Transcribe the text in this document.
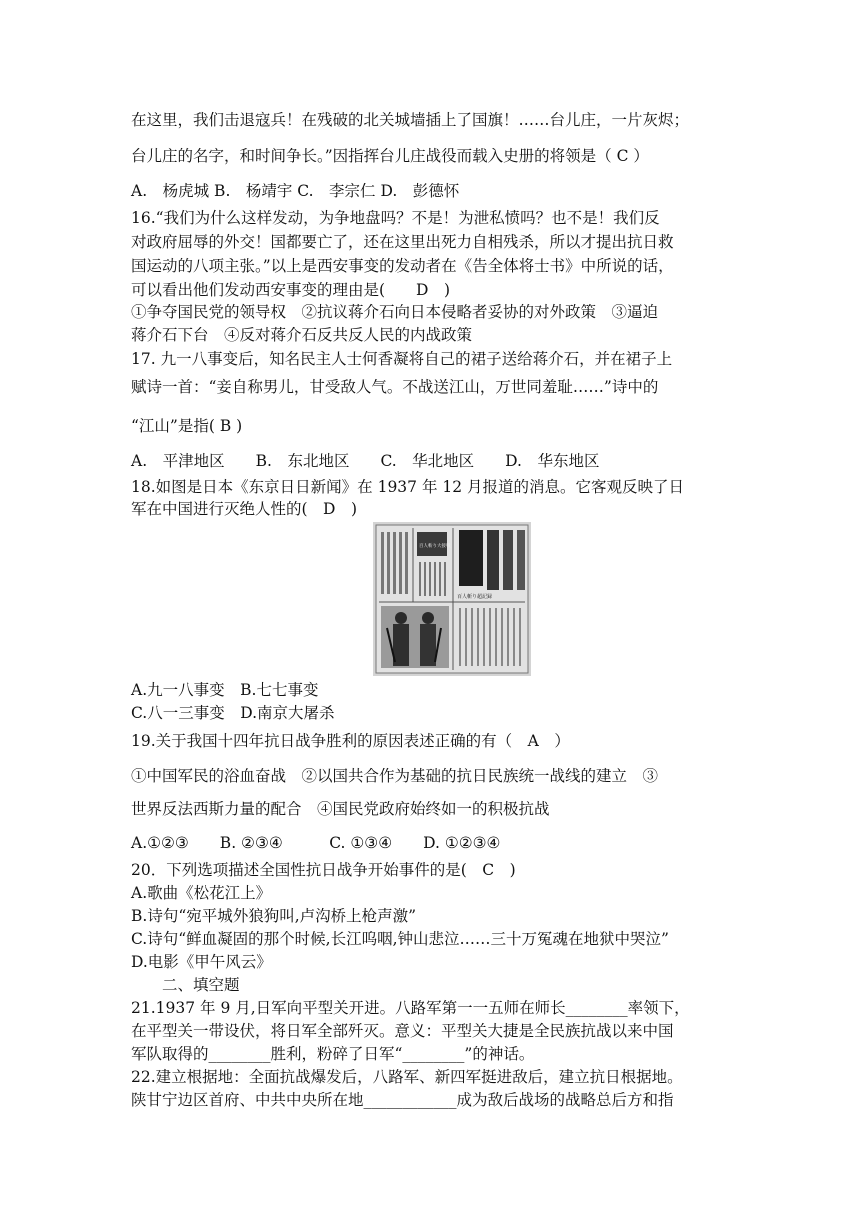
在这里，我们击退寇兵！在残破的北关城墙插上了国旗！……台儿庄，一片灰烬；
台儿庄的名字，和时间争长。”因指挥台儿庄战役而载入史册的将领是（ C ）
A.　杨虎城 B.　杨靖宇 C.　李宗仁 D.　彭德怀
16.“我们为什么这样发动，为争地盘吗？不是！为泄私愤吗？也不是！我们反
对政府屈辱的外交！国都要亡了，还在这里出死力自相残杀，所以才提出抗日救
国运动的八项主张。”以上是西安事变的发动者在《告全体将士书》中所说的话，
可以看出他们发动西安事变的理由是(　　D　)
①争夺国民党的领导权　②抗议蒋介石向日本侵略者妥协的对外政策　③逼迫
蒋介石下台　④反对蒋介石反共反人民的内战政策
17. 九一八事变后，知名民主人士何香凝将自己的裙子送给蒋介石，并在裙子上
赋诗一首：“妾自称男儿，甘受敌人气。不战送江山，万世同羞耻……”诗中的
“江山”是指( B )
A.　平津地区　　B.　东北地区　　C.　华北地区　　D.　华东地区
18.如图是日本《东京日日新闻》在 1937 年 12 月报道的消息。它客观反映了日
军在中国进行灭绝人性的(　D　)
百人斬り大接戦
百人斬り超記録
A.九一八事变　B.七七事变
C.八一三事变　D.南京大屠杀
19.关于我国十四年抗日战争胜利的原因表述正确的有（　A　）
①中国军民的浴血奋战　②以国共合作为基础的抗日民族统一战线的建立　③
世界反法西斯力量的配合　④国民党政府始终如一的积极抗战
A.①②③　　B. ②③④　　　C. ①③④　　D. ①②③④
20．下列选项描述全国性抗日战争开始事件的是(　C　)
A.歌曲《松花江上》
B.诗句“宛平城外狼狗叫,卢沟桥上枪声激”
C.诗句“鲜血凝固的那个时候,长江呜咽,钟山悲泣……三十万冤魂在地狱中哭泣”
D.电影《甲午风云》
　　二、填空题
21.1937 年 9 月,日军向平型关开进。八路军第一一五师在师长________率领下，
在平型关一带设伏，将日军全部歼灭。意义：平型关大捷是全民族抗战以来中国
军队取得的________胜利，粉碎了日军“________”的神话。
22.建立根据地：全面抗战爆发后，八路军、新四军挺进敌后，建立抗日根据地。
陕甘宁边区首府、中共中央所在地____________成为敌后战场的战略总后方和指
